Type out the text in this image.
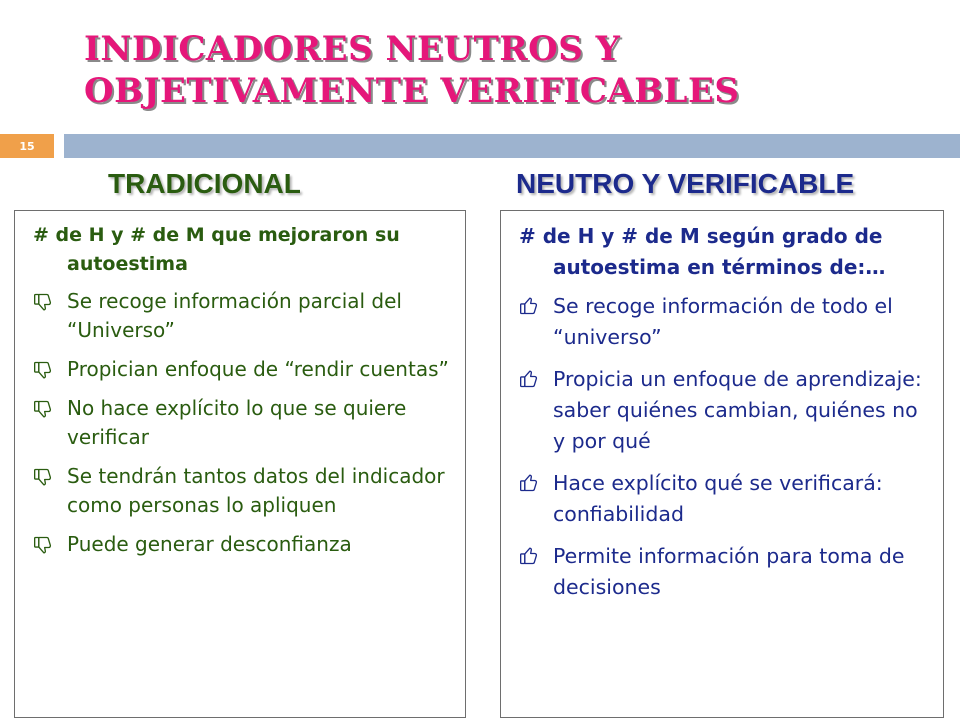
INDICADORES NEUTROS Y
OBJETIVAMENTE VERIFICABLES
15
TRADICIONAL	NEUTRO Y VERIFICABLE

# de H y # de M que mejoraron su autoestima

Se recoge información parcial del “Universo”
Propician enfoque de “rendir cuentas”
No hace explícito lo que se quiere verificar
Se tendrán tantos datos del indicador como personas lo apliquen
Puede generar desconfianza

# de H y # de M según grado de autoestima en términos de:…

Se recoge información de todo el “universo”
Propicia un enfoque de aprendizaje: saber quiénes cambian, quiénes no y por qué
Hace explícito qué se verificará: confiabilidad
Permite información para toma de decisiones
